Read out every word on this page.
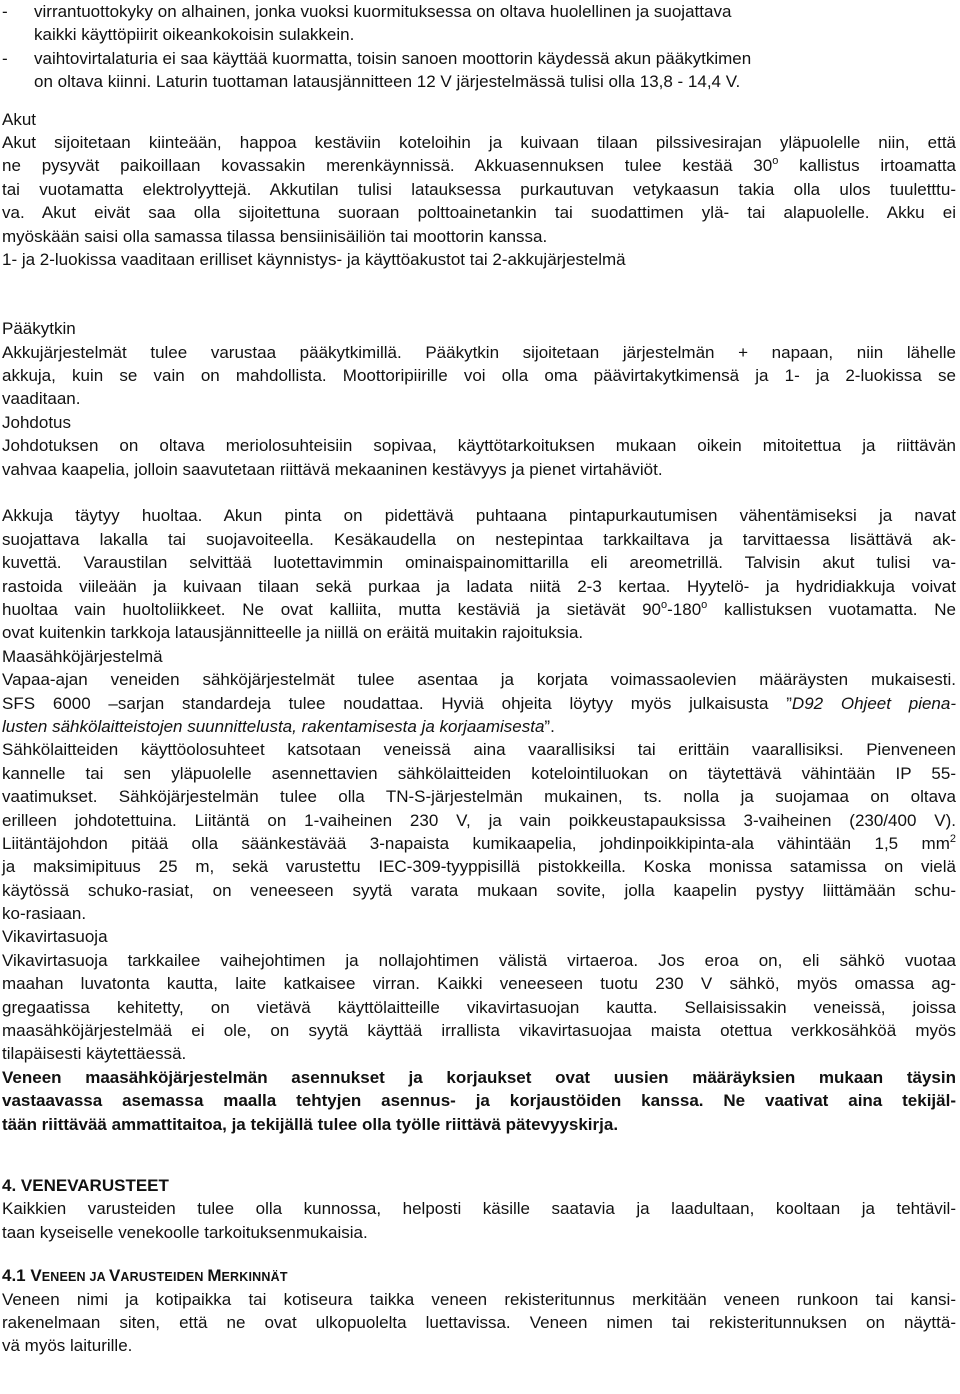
- virrantuottokyky on alhainen, jonka vuoksi kuormituksessa on oltava huolellinen ja suojattava
kaikki käyttöpiirit oikeankokoisin sulakkein.
- vaihtovirtalaturia ei saa käyttää kuormatta, toisin sanoen moottorin käydessä akun pääkytkimen
on oltava kiinni. Laturin tuottaman latausjännitteen 12 V järjestelmässä tulisi olla 13,8 - 14,4 V.
Akut
Akut sijoitetaan kiinteään, happoa kestäviin koteloihin ja kuivaan tilaan pilssivesirajan yläpuolelle niin, että
ne pysyvät paikoillaan kovassakin merenkäynnissä. Akkuasennuksen tulee kestää 30$^o$ kallistus irtoamatta
tai vuotamatta elektrolyyttejä. Akkutilan tulisi latauksessa purkautuvan vetykaasun takia olla ulos tuuletttu-
va. Akut eivät saa olla sijoitettuna suoraan polttoainetankin tai suodattimen ylä- tai alapuolelle. Akku ei
myöskään saisi olla samassa tilassa bensiinisäiliön tai moottorin kanssa.
1- ja 2-luokissa vaaditaan erilliset käynnistys- ja käyttöakustot tai 2-akkujärjestelmä
Pääkytkin
Akkujärjestelmät tulee varustaa pääkytkimillä. Pääkytkin sijoitetaan järjestelmän + napaan, niin lähelle
akkuja, kuin se vain on mahdollista. Moottoripiirille voi olla oma päävirtakytkimensä ja 1- ja 2-luokissa se
vaaditaan.
Johdotus
Johdotuksen on oltava meriolosuhteisiin sopivaa, käyttötarkoituksen mukaan oikein mitoitettua ja riittävän
vahvaa kaapelia, jolloin saavutetaan riittävä mekaaninen kestävyys ja pienet virtahäviöt.
Akkuja täytyy huoltaa. Akun pinta on pidettävä puhtaana pintapurkautumisen vähentämiseksi ja navat
suojattava lakalla tai suojavoiteella. Kesäkaudella on nestepintaa tarkkailtava ja tarvittaessa lisättävä ak-
kuvettä. Varaustilan selvittää luotettavimmin ominaispainomittarilla eli areometrillä. Talvisin akut tulisi va-
rastoida viileään ja kuivaan tilaan sekä purkaa ja ladata niitä 2-3 kertaa. Hyytelö- ja hydridiakkuja voivat
huoltaa vain huoltoliikkeet. Ne ovat kalliita, mutta kestäviä ja sietävät 90$^o$-180$^o$ kallistuksen vuotamatta. Ne
ovat kuitenkin tarkkoja latausjännitteelle ja niillä on eräitä muitakin rajoituksia.
Maasähköjärjestelmä
Vapaa-ajan veneiden sähköjärjestelmät tulee asentaa ja korjata voimassaolevien määräysten mukaisesti.
SFS 6000 –sarjan standardeja tulee noudattaa. Hyviä ohjeita löytyy myös julkaisusta ”D92 Ohjeet piena-
lusten sähkölaitteistojen suunnittelusta, rakentamisesta ja korjaamisesta”.
Sähkölaitteiden käyttöolosuhteet katsotaan veneissä aina vaarallisiksi tai erittäin vaarallisiksi. Pienveneen
kannelle tai sen yläpuolelle asennettavien sähkölaitteiden kotelointiluokan on täytettävä vähintään IP 55-
vaatimukset. Sähköjärjestelmän tulee olla TN-S-järjestelmän mukainen, ts. nolla ja suojamaa on oltava
erilleen johdotettuina. Liitäntä on 1-vaiheinen 230 V, ja vain poikkeustapauksissa 3-vaiheinen (230/400 V).
Liitäntäjohdon pitää olla säänkestävää 3-napaista kumikaapelia, johdinpoikkipinta-ala vähintään 1,5 $mm^2$
ja maksimipituus 25 m, sekä varustettu IEC-309-tyyppisillä pistokkeilla. Koska monissa satamissa on vielä
käytössä schuko-rasiat, on veneeseen syytä varata mukaan sovite, jolla kaapelin pystyy liittämään schu-
ko-rasiaan.
Vikavirtasuoja
Vikavirtasuoja tarkkailee vaihejohtimen ja nollajohtimen välistä virtaeroa. Jos eroa on, eli sähkö vuotaa
maahan luvatonta kautta, laite katkaisee virran. Kaikki veneeseen tuotu 230 V sähkö, myös omassa ag-
gregaatissa kehitetty, on vietävä käyttölaitteille vikavirtasuojan kautta. Sellaisissakin veneissä, joissa
maasähköjärjestelmää ei ole, on syytä käyttää irrallista vikavirtasuojaa maista otettua verkkosähköä myös
tilapäisesti käytettäessä.
Veneen maasähköjärjestelmän asennukset ja korjaukset ovat uusien määräyksien mukaan täysin
vastaavassa asemassa maalla tehtyjen asennus- ja korjaustöiden kanssa. Ne vaativat aina tekijäl-
tään riittävää ammattitaitoa, ja tekijällä tulee olla työlle riittävä pätevyyskirja.
4. VENEVARUSTEET
Kaikkien varusteiden tulee olla kunnossa, helposti käsille saatavia ja laadultaan, kooltaan ja tehtävil-
taan kyseiselle venekoolle tarkoituksenmukaisia.
4.1 VENEEN JA VARUSTEIDEN MERKINNÄT
Veneen nimi ja kotipaikka tai kotiseura taikka veneen rekisteritunnus merkitään veneen runkoon tai kansi-
rakenelmaan siten, että ne ovat ulkopuolelta luettavissa. Veneen nimen tai rekisteritunnuksen on näyttä-
vä myös laiturille.
